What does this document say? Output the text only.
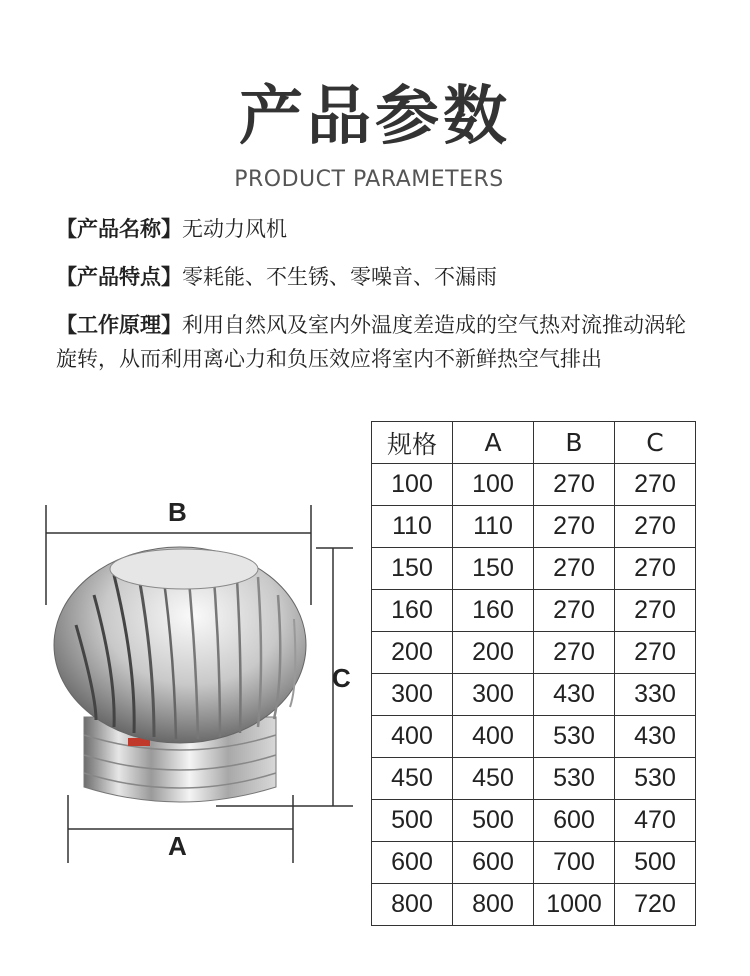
产品参数
PRODUCT PARAMETERS
【产品名称】无动力风机
【产品特点】零耗能、不生锈、零噪音、不漏雨
【工作原理】利用自然风及室内外温度差造成的空气热对流推动涡轮旋转，从而利用离心力和负压效应将室内不新鲜热空气排出
B
C
A
规格	A	B	C
100	100	270	270
110	110	270	270
150	150	270	270
160	160	270	270
200	200	270	270
300	300	430	330
400	400	530	430
450	450	530	530
500	500	600	470
600	600	700	500
800	800	1000	720
